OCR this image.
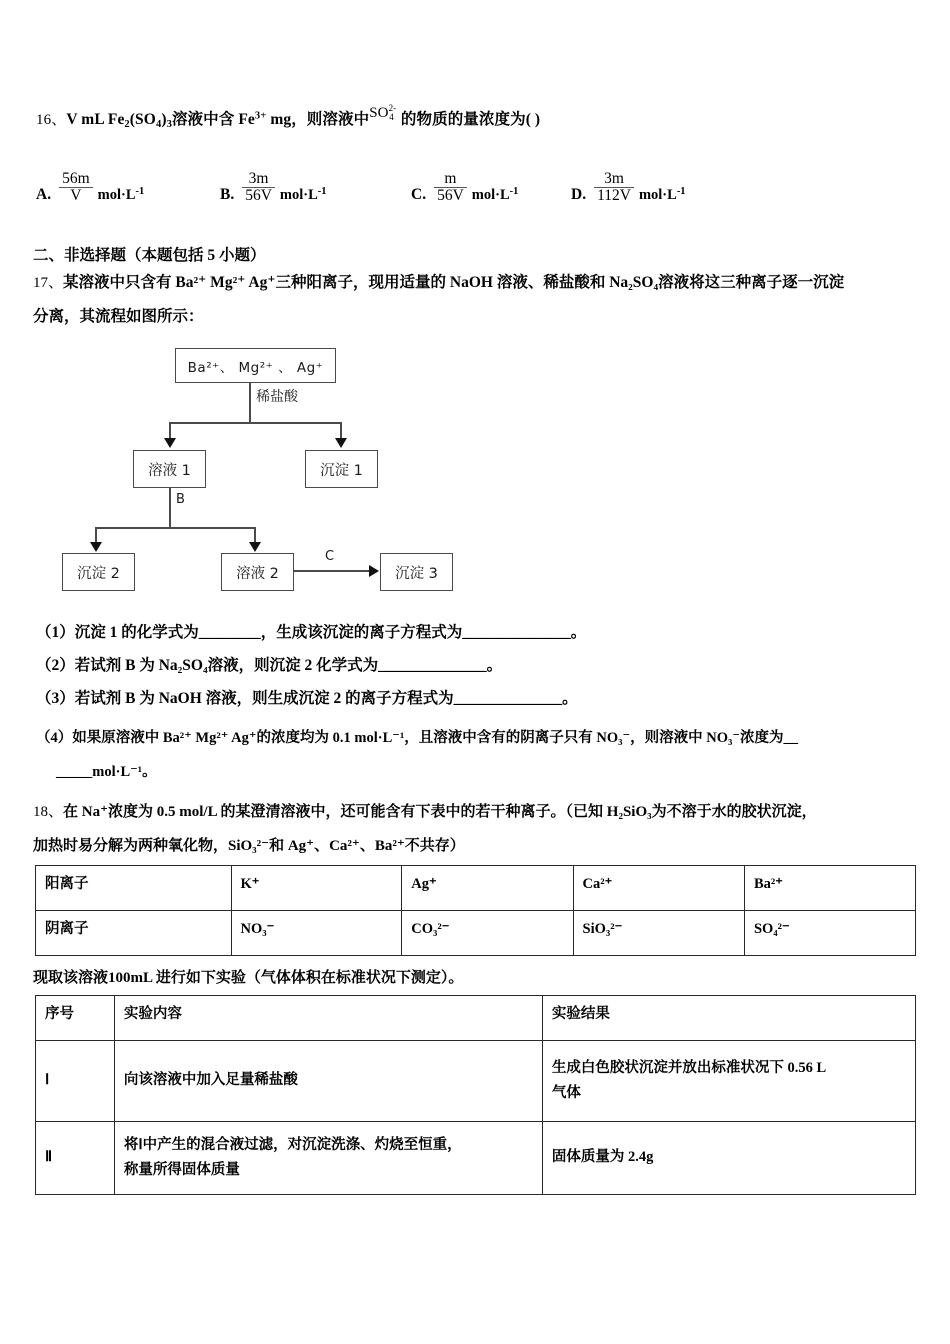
16、V mL $Fe_2(SO_4)_3$溶液中含 $Fe^{3+}$ mg，则溶液中SO2-4 的物质的量浓度为( )
A. $\frac{56m}{V} mol\cdot L^{-1}$	B. $\frac{3m}{56V} mol\cdot L^{-1}$	C. $\frac{m}{56V} mol\cdot L^{-1}$	D. $\frac{3m}{112V} mol\cdot L^{-1}$
二、非选择题（本题包括 5 小题）
17、某溶液中只含有 Ba²⁺ Mg²⁺ Ag⁺三种阳离子，现用适量的 NaOH 溶液、稀盐酸和 Na₂SO₄溶液将这三种离子逐一沉淀
分离，其流程如图所示：
Ba²⁺、 Mg²⁺ 、 Ag⁺
稀盐酸
溶液 1	沉淀 1
B
沉淀 2	溶液 2	沉淀 3
C
（1）沉淀 1 的化学式为________，生成该沉淀的离子方程式为______________。
（2）若试剂 B 为 Na₂SO₄溶液，则沉淀 2 化学式为______________。
（3）若试剂 B 为 NaOH 溶液，则生成沉淀 2 的离子方程式为______________。
（4）如果原溶液中 Ba²⁺ Mg²⁺ Ag⁺的浓度均为 0.1 mol·L⁻¹，且溶液中含有的阴离子只有 NO₃⁻，则溶液中 NO₃⁻浓度为__
_____mol·L⁻¹。
18、在 Na⁺浓度为 0.5 mol/L 的某澄清溶液中，还可能含有下表中的若干种离子。（已知 H₂SiO₃为不溶于水的胶状沉淀，
加热时易分解为两种氧化物，SiO₃²⁻和 Ag⁺、Ca²⁺、Ba²⁺不共存）
阳离子	K⁺	Ag⁺	Ca²⁺	Ba²⁺
阴离子	NO₃⁻	CO₃²⁻	SiO₃²⁻	SO₄²⁻
现取该溶液100mL 进行如下实验（气体体积在标准状况下测定）。
序号	实验内容	实验结果
Ⅰ	向该溶液中加入足量稀盐酸	生成白色胶状沉淀并放出标准状况下 0.56 L
气体

Ⅱ	将Ⅰ中产生的混合液过滤，对沉淀洗涤、灼烧至恒重，
称量所得固体质量	固体质量为 2.4g
